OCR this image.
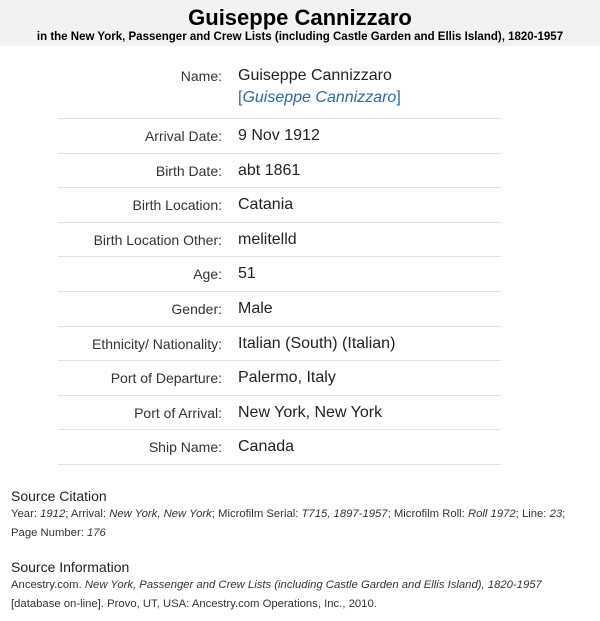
Guiseppe Cannizzaro
in the New York, Passenger and Crew Lists (including Castle Garden and Ellis Island), 1820-1957
Name: Guiseppe Cannizzaro
[Guiseppe Cannizzaro]
Arrival Date:	9 Nov 1912
Birth Date:	abt 1861
Birth Location:	Catania
Birth Location Other:	melitelld
Age:	51
Gender:	Male
Ethnicity/ Nationality:	Italian (South) (Italian)
Port of Departure:	Palermo, Italy
Port of Arrival:	New York, New York
Ship Name:	Canada
Source Citation
Year: 1912; Arrival: New York, New York; Microfilm Serial: T715, 1897-1957; Microfilm Roll: Roll 1972; Line: 23; Page Number: 176
Source Information
Ancestry.com. New York, Passenger and Crew Lists (including Castle Garden and Ellis Island), 1820-1957 [database on-line]. Provo, UT, USA: Ancestry.com Operations, Inc., 2010.
